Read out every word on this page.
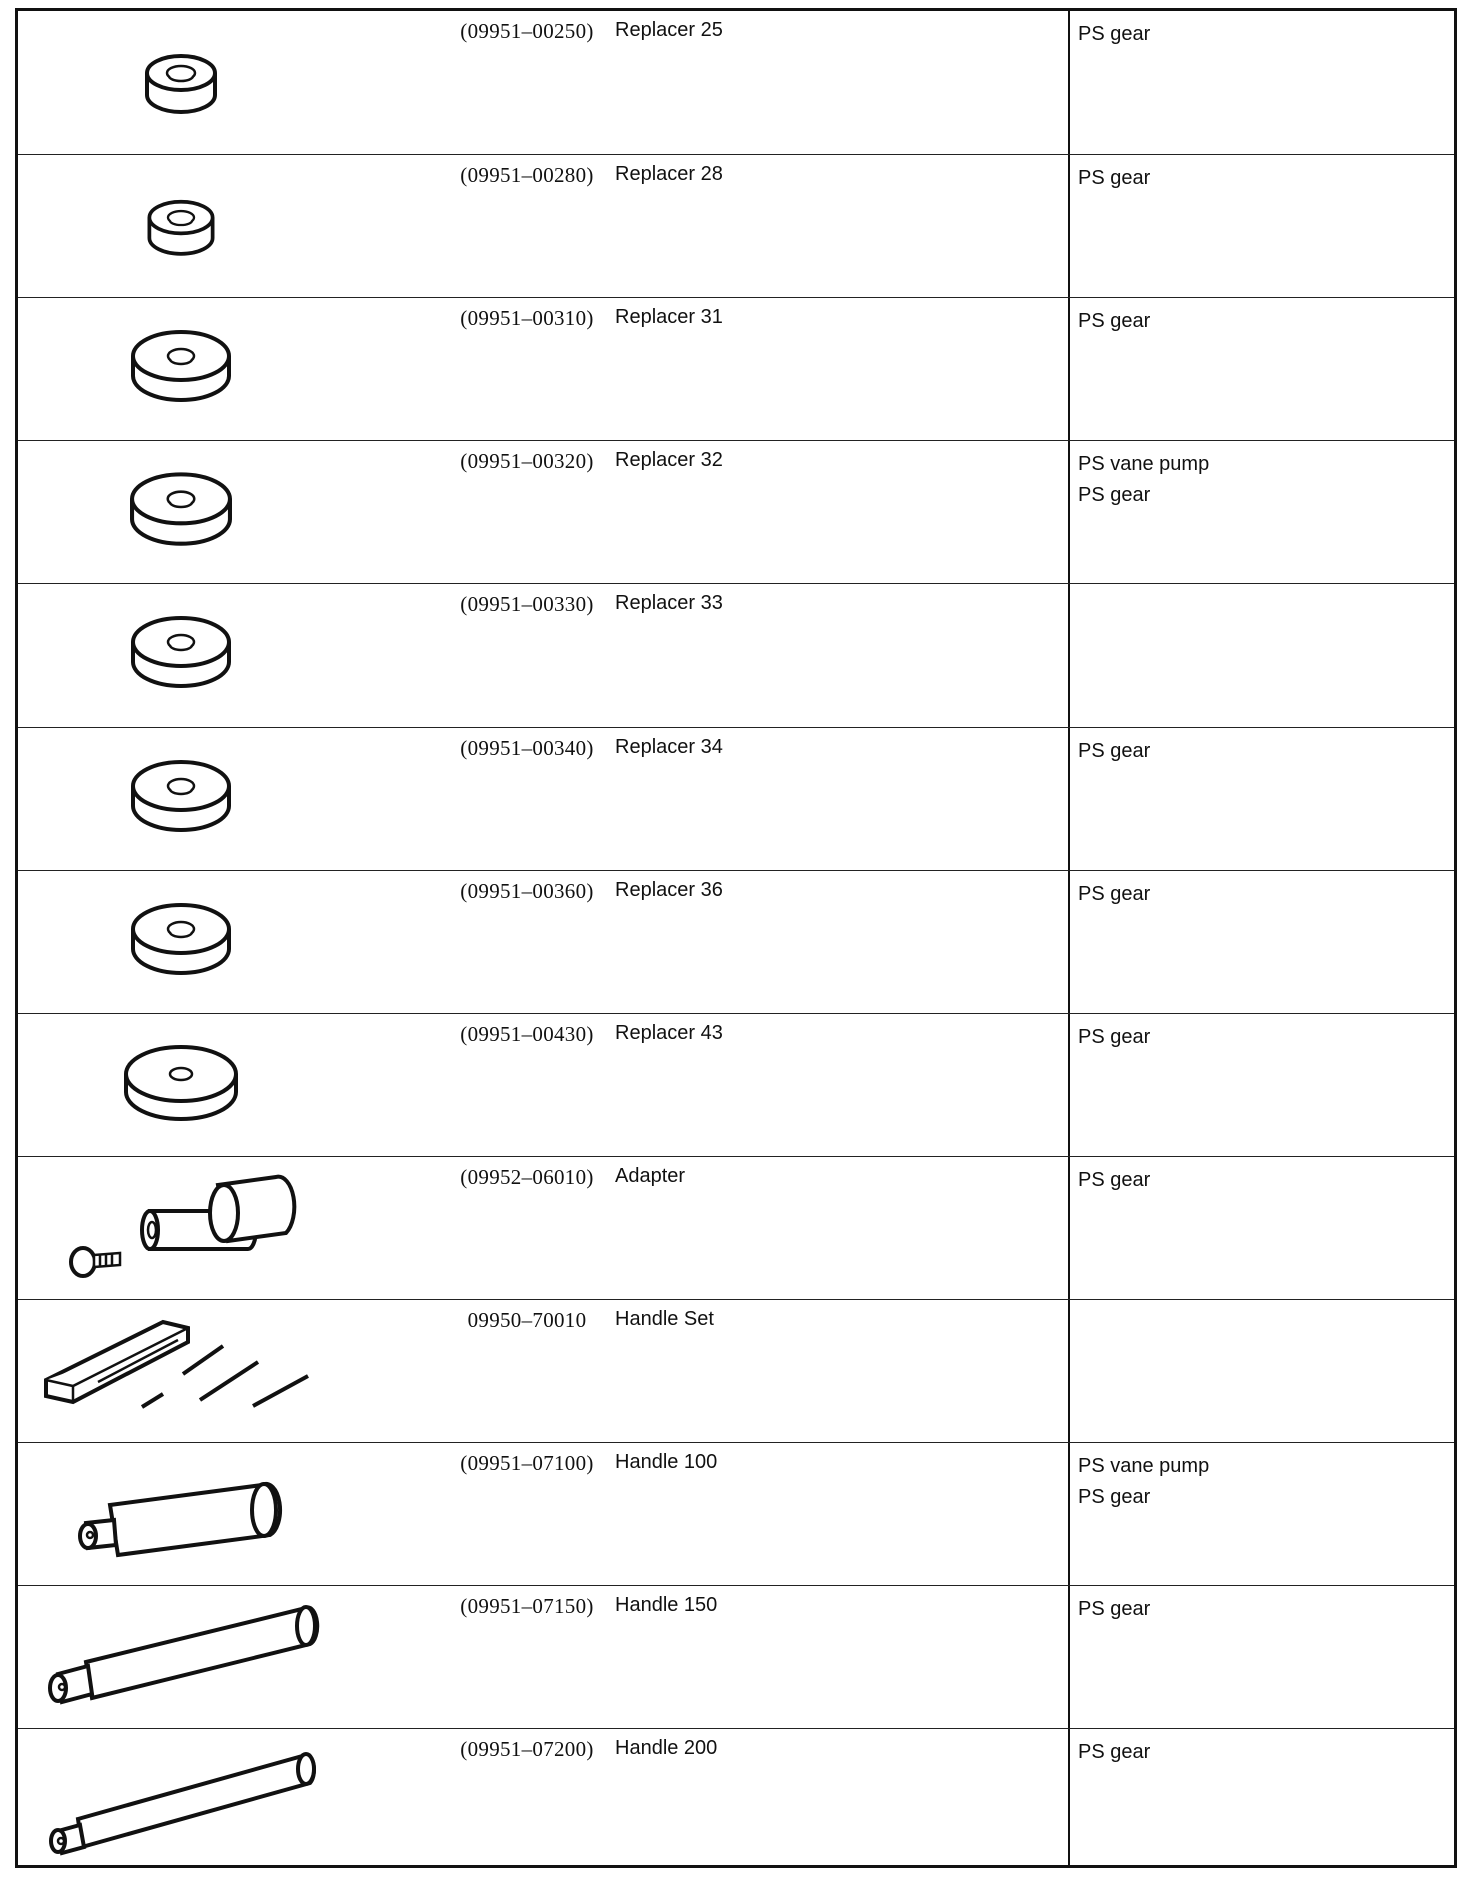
(09951–00250)	Replacer 25	PS gear
(09951–00280)	Replacer 28	PS gear
(09951–00310)	Replacer 31	PS gear
(09951–00320)	Replacer 32	PS vane pump
PS gear
(09951–00330)	Replacer 33
(09951–00340)	Replacer 34	PS gear
(09951–00360)	Replacer 36	PS gear
(09951–00430)	Replacer 43	PS gear
(09952–06010)	Adapter	PS gear
09950–70010	Handle Set
(09951–07100)	Handle 100	PS vane pump
PS gear
(09951–07150)	Handle 150	PS gear
(09951–07200)	Handle 200	PS gear
